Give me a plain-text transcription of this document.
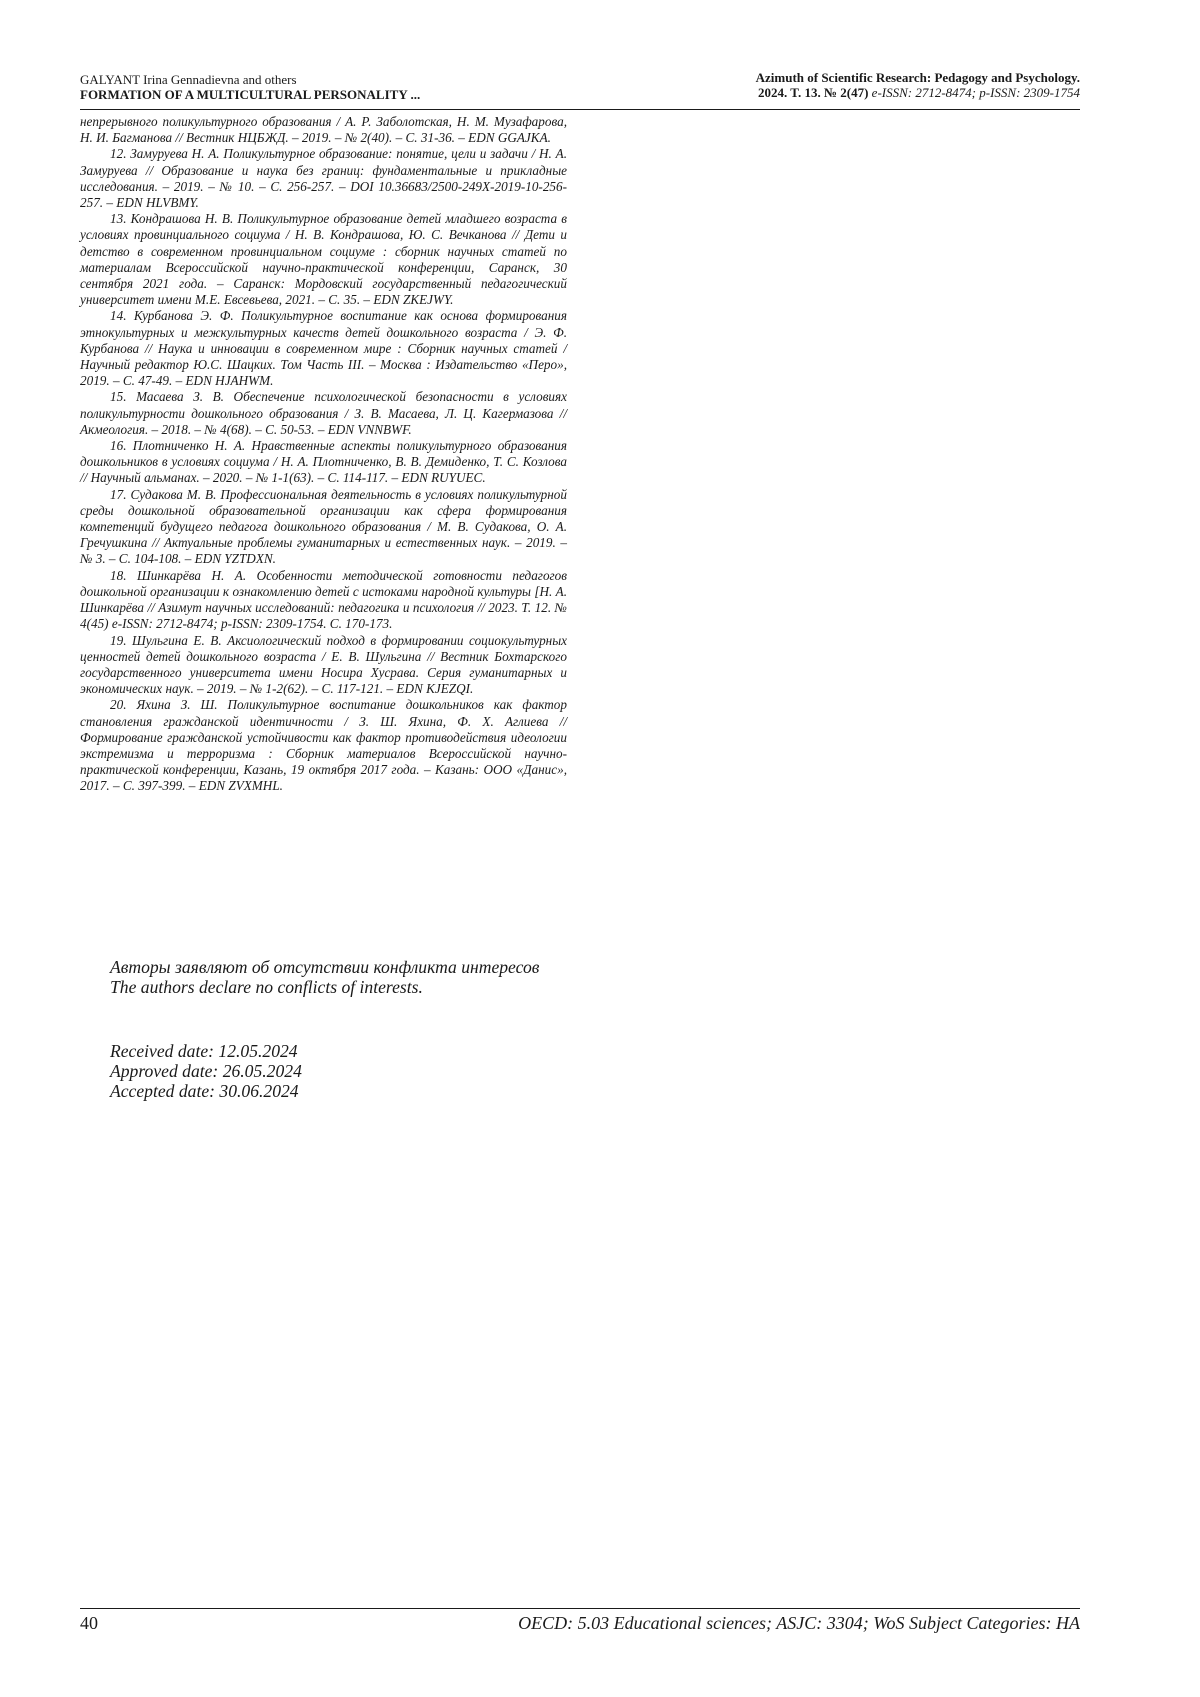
GALYANT Irina Gennadievna and others
FORMATION OF A MULTICULTURAL PERSONALITY ...
Azimuth of Scientific Research: Pedagogy and Psychology.
2024. T. 13. № 2(47) e-ISSN: 2712-8474; p-ISSN: 2309-1754

непрерывного поликультурного образования / А. Р. Заболотская, Н. М. Музафарова, Н. И. Багманова // Вестник НЦБЖД. – 2019. – № 2(40). – С. 31-36. – EDN GGAJKA.

12. Замуруева Н. А. Поликультурное образование: понятие, цели и задачи / Н. А. Замуруева // Образование и наука без границ: фундаментальные и прикладные исследования. – 2019. – № 10. – С. 256-257. – DOI 10.36683/2500-249X-2019-10-256-257. – EDN HLVBMY.

13. Кондрашова Н. В. Поликультурное образование детей младшего возраста в условиях провинциального социума / Н. В. Кондрашова, Ю. С. Вечканова // Дети и детство в современном провинциальном социуме : сборник научных статей по материалам Всероссийской научно-практической конференции, Саранск, 30 сентября 2021 года. – Саранск: Мордовский государственный педагогический университет имени М.Е. Евсевьева, 2021. – С. 35. – EDN ZKEJWY.

14. Курбанова Э. Ф. Поликультурное воспитание как основа формирования этнокультурных и межкультурных качеств детей дошкольного возраста / Э. Ф. Курбанова // Наука и инновации в современном мире : Сборник научных статей / Научный редактор Ю.С. Шацких. Том Часть III. – Москва : Издательство «Перо», 2019. – С. 47-49. – EDN HJAHWM.

15. Масаева З. В. Обеспечение психологической безопасности в условиях поликультурности дошкольного образования / З. В. Масаева, Л. Ц. Кагермазова // Акмеология. – 2018. – № 4(68). – С. 50-53. – EDN VNNBWF.

16. Плотниченко Н. А. Нравственные аспекты поликультурного образования дошкольников в условиях социума / Н. А. Плотниченко, В. В. Демиденко, Т. С. Козлова // Научный альманах. – 2020. – № 1-1(63). – С. 114-117. – EDN RUYUEC.

17. Судакова М. В. Профессиональная деятельность в условиях поликультурной среды дошкольной образовательной организации как сфера формирования компетенций будущего педагога дошкольного образования / М. В. Судакова, О. А. Гречушкина // Актуальные проблемы гуманитарных и естественных наук. – 2019. – № 3. – С. 104-108. – EDN YZTDXN.

18. Шинкарёва Н. А. Особенности методической готовности педагогов дошкольной организации к ознакомлению детей с истоками народной культуры [Н. А. Шинкарёва // Азимут научных исследований: педагогика и психология // 2023. Т. 12. № 4(45) e-ISSN: 2712-8474; p-ISSN: 2309-1754. С. 170-173.

19. Шульгина Е. В. Аксиологический подход в формировании социокультурных ценностей детей дошкольного возраста / Е. В. Шульгина // Вестник Бохтарского государственного университета имени Носира Хусрава. Серия гуманитарных и экономических наук. – 2019. – № 1-2(62). – С. 117-121. – EDN KJEZQI.

20. Яхина З. Ш. Поликультурное воспитание дошкольников как фактор становления гражданской идентичности / З. Ш. Яхина, Ф. Х. Аглиева // Формирование гражданской устойчивости как фактор противодействия идеологии экстремизма и терроризма : Сборник материалов Всероссийской научно-практической конференции, Казань, 19 октября 2017 года. – Казань: ООО «Данис», 2017. – С. 397-399. – EDN ZVXMHL.

Авторы заявляют об отсутствии конфликта интересов

The authors declare no conflicts of interests.

Received date: 12.05.2024
Approved date: 26.05.2024
Accepted date: 30.06.2024
40	OECD: 5.03 Educational sciences; ASJC: 3304; WoS Subject Categories: HA
